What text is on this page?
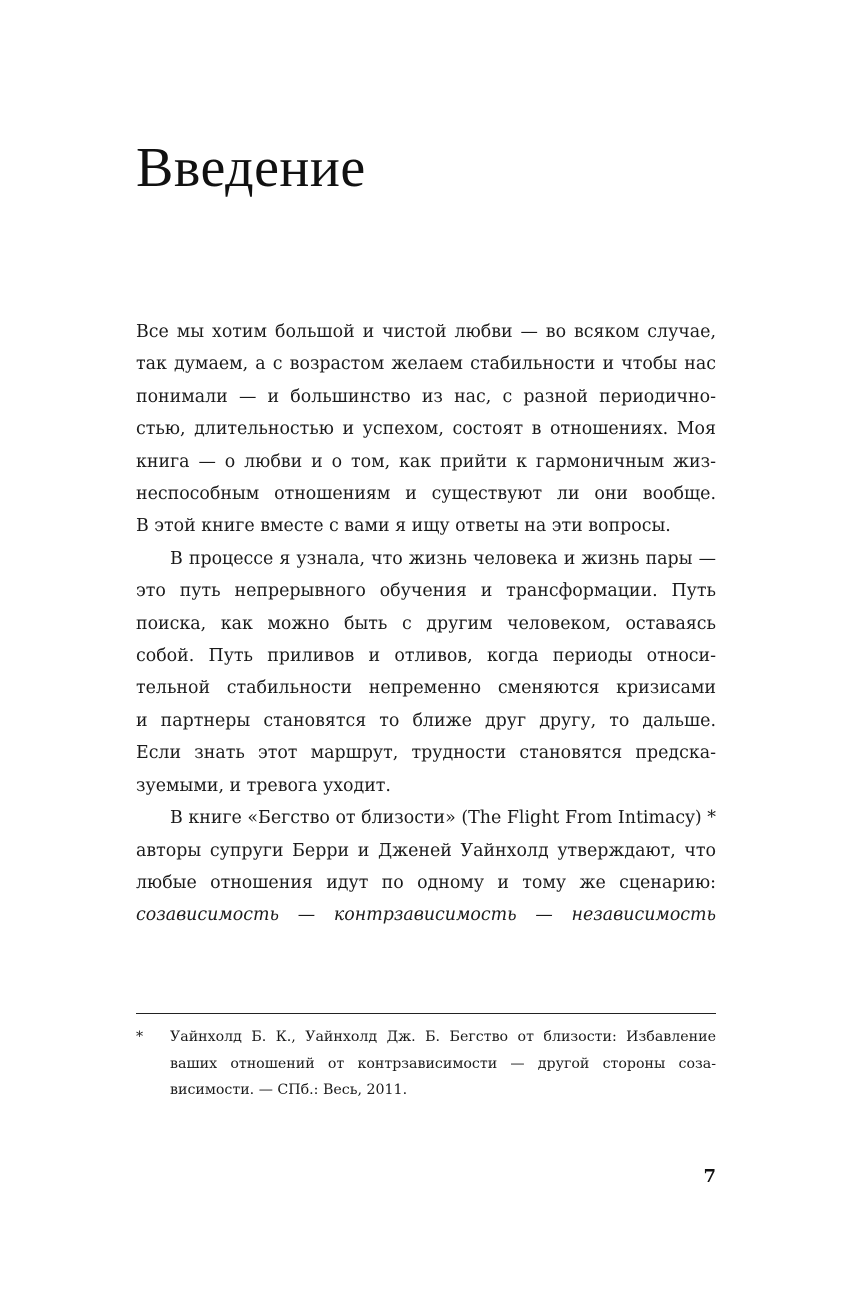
Введение
Все мы хотим большой и чистой любви — во всяком случае,
так думаем, а с возрастом желаем стабильности и чтобы нас
понимали — и большинство из нас, с разной периодично-
стью, длительностью и успехом, состоят в отношениях. Моя
книга — о любви и о том, как прийти к гармоничным жиз-
неспособным отношениям и существуют ли они вообще.
В этой книге вместе с вами я ищу ответы на эти вопросы.
В процессе я узнала, что жизнь человека и жизнь пары —
это путь непрерывного обучения и трансформации. Путь
поиска, как можно быть с другим человеком, оставаясь
собой. Путь приливов и отливов, когда периоды относи-
тельной стабильности непременно сменяются кризисами
и партнеры становятся то ближе друг другу, то дальше.
Если знать этот маршрут, трудности становятся предска-
зуемыми, и тревога уходит.
В книге «Бегство от близости» (The Flight From Intimacy) *
авторы супруги Берри и Дженей Уайнхолд утверждают, что
любые отношения идут по одному и тому же сценарию:
созависимость — контрзависимость — независимость
* Уайнхолд Б. К., Уайнхолд Дж. Б. Бегство от близости: Избавление
ваших отношений от контрзависимости — другой стороны соза-
висимости. — СПб.: Весь, 2011.
7
